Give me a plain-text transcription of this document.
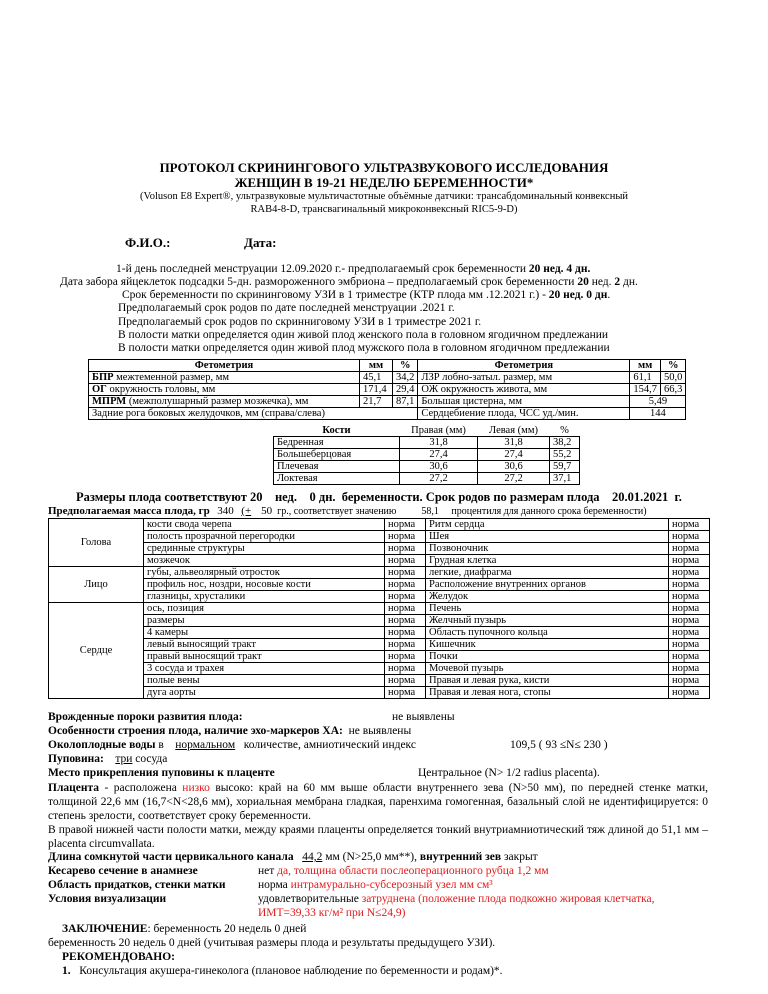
ПРОТОКОЛ СКРИНИНГОВОГО УЛЬТРАЗВУКОВОГО ИССЛЕДОВАНИЯ
ЖЕНЩИН В 19-21 НЕДЕЛЮ БЕРЕМЕННОСТИ*
(Voluson E8 Expert®, ультразвуковые мультичастотные объёмные датчики: трансабдоминальный конвексный
RAB4-8-D, трансвагинальный микроконвексный RIC5-9-D)
Ф.И.О.:	Дата:
1-й день последней менструации 12.09.2020 г.- предполагаемый срок беременности 20 нед. 4 дн.
Дата забора яйцеклеток подсадки 5-дн. размороженного эмбриона – предполагаемый срок беременности 20 нед. 2 дн.
Срок беременности по скрининговому УЗИ в 1 триместре (КТР плода мм .12.2021 г.) - 20 нед. 0 дн.
Предполагаемый срок родов по дате последней менструации .2021 г.
Предполагаемый срок родов по скринниговому УЗИ в 1 триместре 2021 г.
В полости матки определяется один живой плод женского пола в головном ягодичном предлежании
В полости матки определяется один живой плод мужского пола в головном ягодичном предлежании
Фетометрия	мм	%	Фетометрия	мм	%
БПР межтеменной размер, мм	45,1	34,2	ЛЗР лобно-затыл. размер, мм	61,1	50,0
ОГ окружность головы, мм	171,4	29,4	ОЖ окружность живота, мм	154,7	66,3
МПРМ (межполушарный размер мозжечка), мм	21,7	87,1	Большая цистерна, мм	5,49	
Задние рога боковых желудочков, мм (справа/слева)			Сердцебиение плода, ЧСС уд./мин.	144	
Кости	Правая (мм)	Левая (мм)	%
Бедренная	31,8	31,8	38,2
Большеберцовая	27,4	27,4	55,2
Плечевая	30,6	30,6	59,7
Локтевая	27,2	27,2	37,1
Размеры плода соответствуют 20 нед. 0 дн. беременности. Срок родов по размерам плода 20.01.2021 г.
Предполагаемая масса плода, гр 340 (+ 50 гр., соответствует значению	58,1 процентиля для данного срока беременности)
Голова	кости свода черепа	норма	Ритм сердца	норма
	полость прозрачной перегородки	норма	Шея	норма
	срединные структуры	норма	Позвоночник	норма
	мозжечок	норма	Грудная клетка	норма
Лицо	губы, альвеолярный отросток	норма	легкие, диафрагма	норма
	профиль нос, ноздри, носовые кости	норма	Расположение внутренних органов	норма
	глазницы, хрусталики	норма	Желудок	норма
Сердце	ось, позиция	норма	Печень	норма
	размеры	норма	Желчный пузырь	норма
	4 камеры	норма	Область пупочного кольца	норма
	левый выносящий тракт	норма	Кишечник	норма
	правый выносящий тракт	норма	Почки	норма
	3 сосуда и трахея	норма	Мочевой пузырь	норма
	полые вены	норма	Правая и левая рука, кисти	норма
	дуга аорты	норма	Правая и левая нога, стопы	норма
Врожденные пороки развития плода:	не выявлены
Особенности строения плода, наличие эхо-маркеров ХА: не выявлены
Околоплодные воды в    нормальном количестве, амниотический индекс	109,5 ( 93 ≤N≤ 230 )
Пуповина: три сосуда
Место прикрепления пуповины к плаценте	Центральное (N> 1/2 radius placenta).
Плацента - расположена низко высоко: край на 60 мм выше области внутреннего зева (N>50 мм), по передней стенке матки, толщиной 22,6 мм (16,7<N<28,6 мм), хориальная мембрана гладкая, паренхима гомогенная, базальный слой не идентифицируется: 0 степень зрелости, соответствует сроку беременности.
В правой нижней части полости матки, между краями плаценты определяется тонкий внутриамниотический тяж длиной до 51,1 мм – placenta circumvallata.
Длина сомкнутой части цервикального канала 44,2 мм (N>25,0 мм**), внутренний зев закрыт
Кесарево сечение в анамнезе	нет да, толщина области послеоперационного рубца 1,2 мм
Область придатков, стенки матки	норма интрамурально-субсерозный узел мм см³
Условия визуализации	удовлетворительные затруднена (положение плода подкожно жировая клетчатка,
ИМТ=39,33 кг/м² при N≤24,9)
ЗАКЛЮЧЕНИЕ: беременность 20 недель 0 дней
беременность 20 недель 0 дней (учитывая размеры плода и результаты предыдущего УЗИ).
РЕКОМЕНДОВАНО:
1. Консультация акушера-гинеколога (плановое наблюдение по беременности и родам)*.
